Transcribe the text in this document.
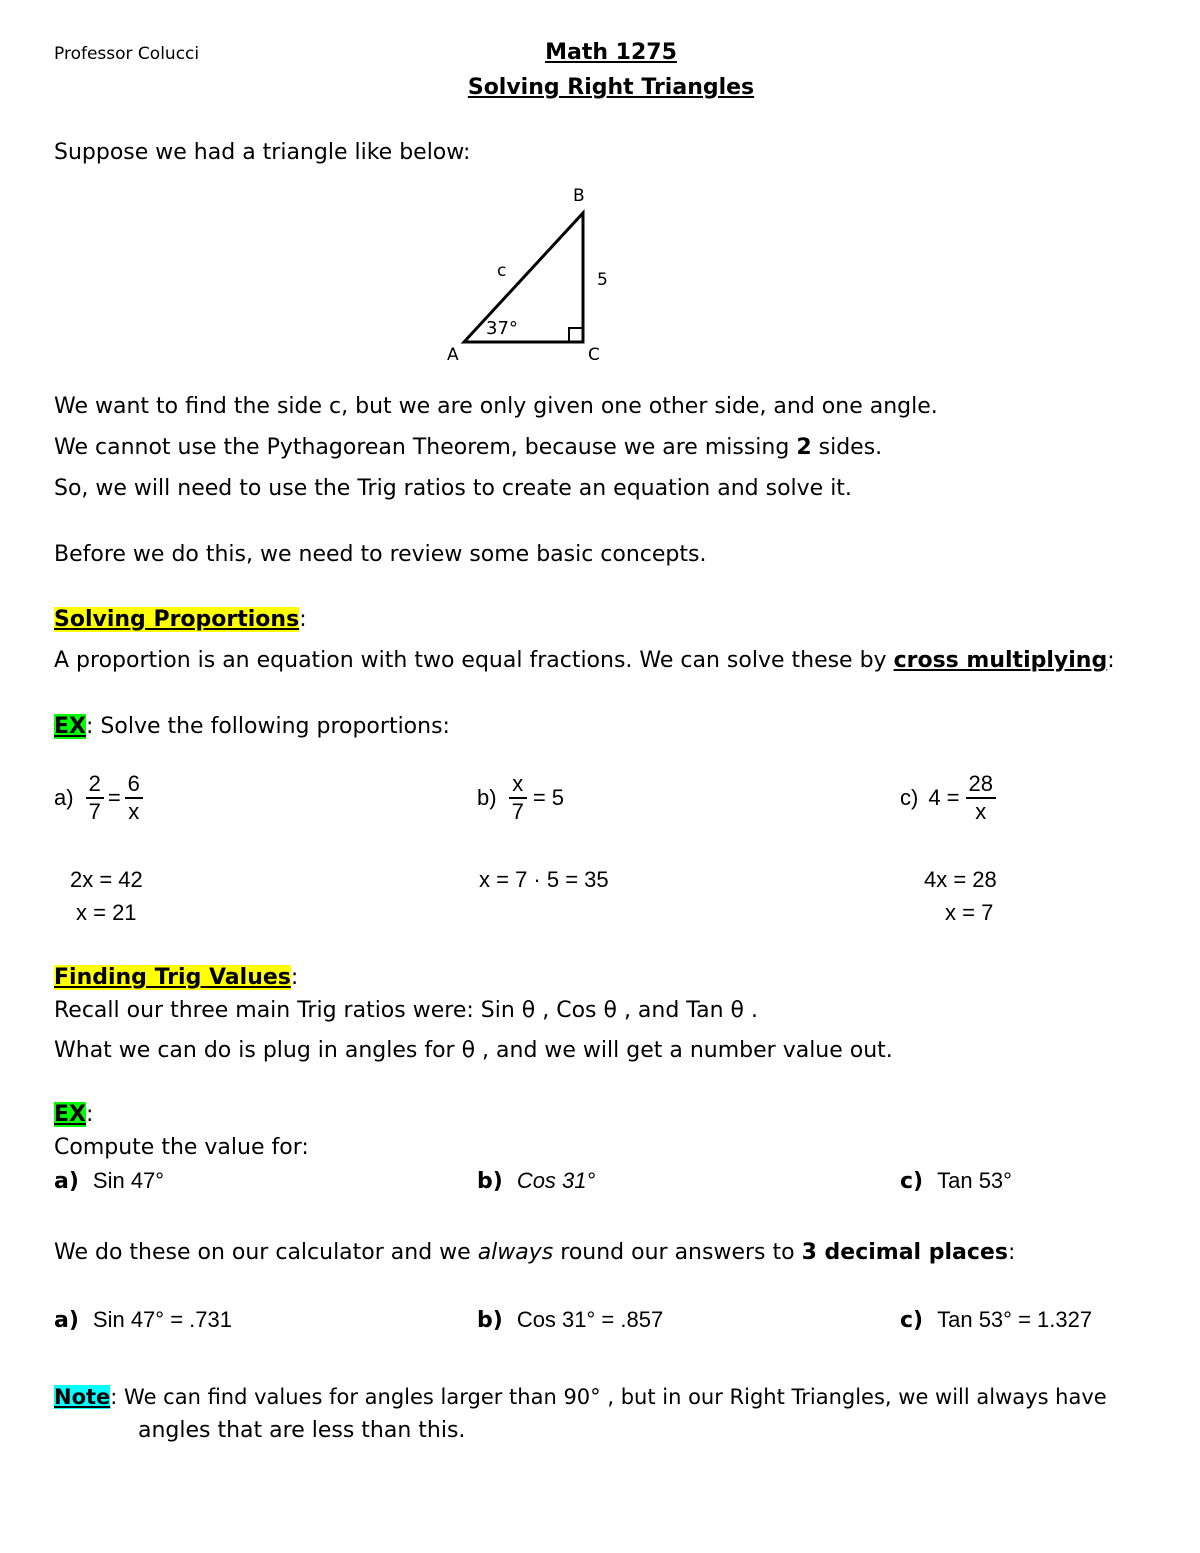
Professor Colucci	Math 1275
Solving Right Triangles
Suppose we had a triangle like below:
B
A	C
c	5
37°
We want to find the side c, but we are only given one other side, and one angle.
We cannot use the Pythagorean Theorem, because we are missing 2 sides.
So, we will need to use the Trig ratios to create an equation and solve it.
Before we do this, we need to review some basic concepts.
Solving Proportions:
A proportion is an equation with two equal fractions. We can solve these by cross multiplying:
EX: Solve the following proportions:
$a) \frac{2}{7} = \frac{6}{x}$
2x = 42
x = 21
$b) \frac{x}{7} = 5$
x = 7 · 5 = 35
c) $4 = \frac{28}{x}$
4x = 28
x = 7
Finding Trig Values:
Recall our three main Trig ratios were: Sin θ , Cos θ , and Tan θ .
What we can do is plug in angles for θ , and we will get a number value out.
EX:
Compute the value for:
a) Sin 47°	b) Cos 31°	c) Tan 53°
We do these on our calculator and we always round our answers to 3 decimal places:
a) Sin 47° = .731	b) Cos 31° = .857	c) Tan 53° = 1.327
Note: We can find values for angles larger than 90° , but in our Right Triangles, we will always have
angles that are less than this.
